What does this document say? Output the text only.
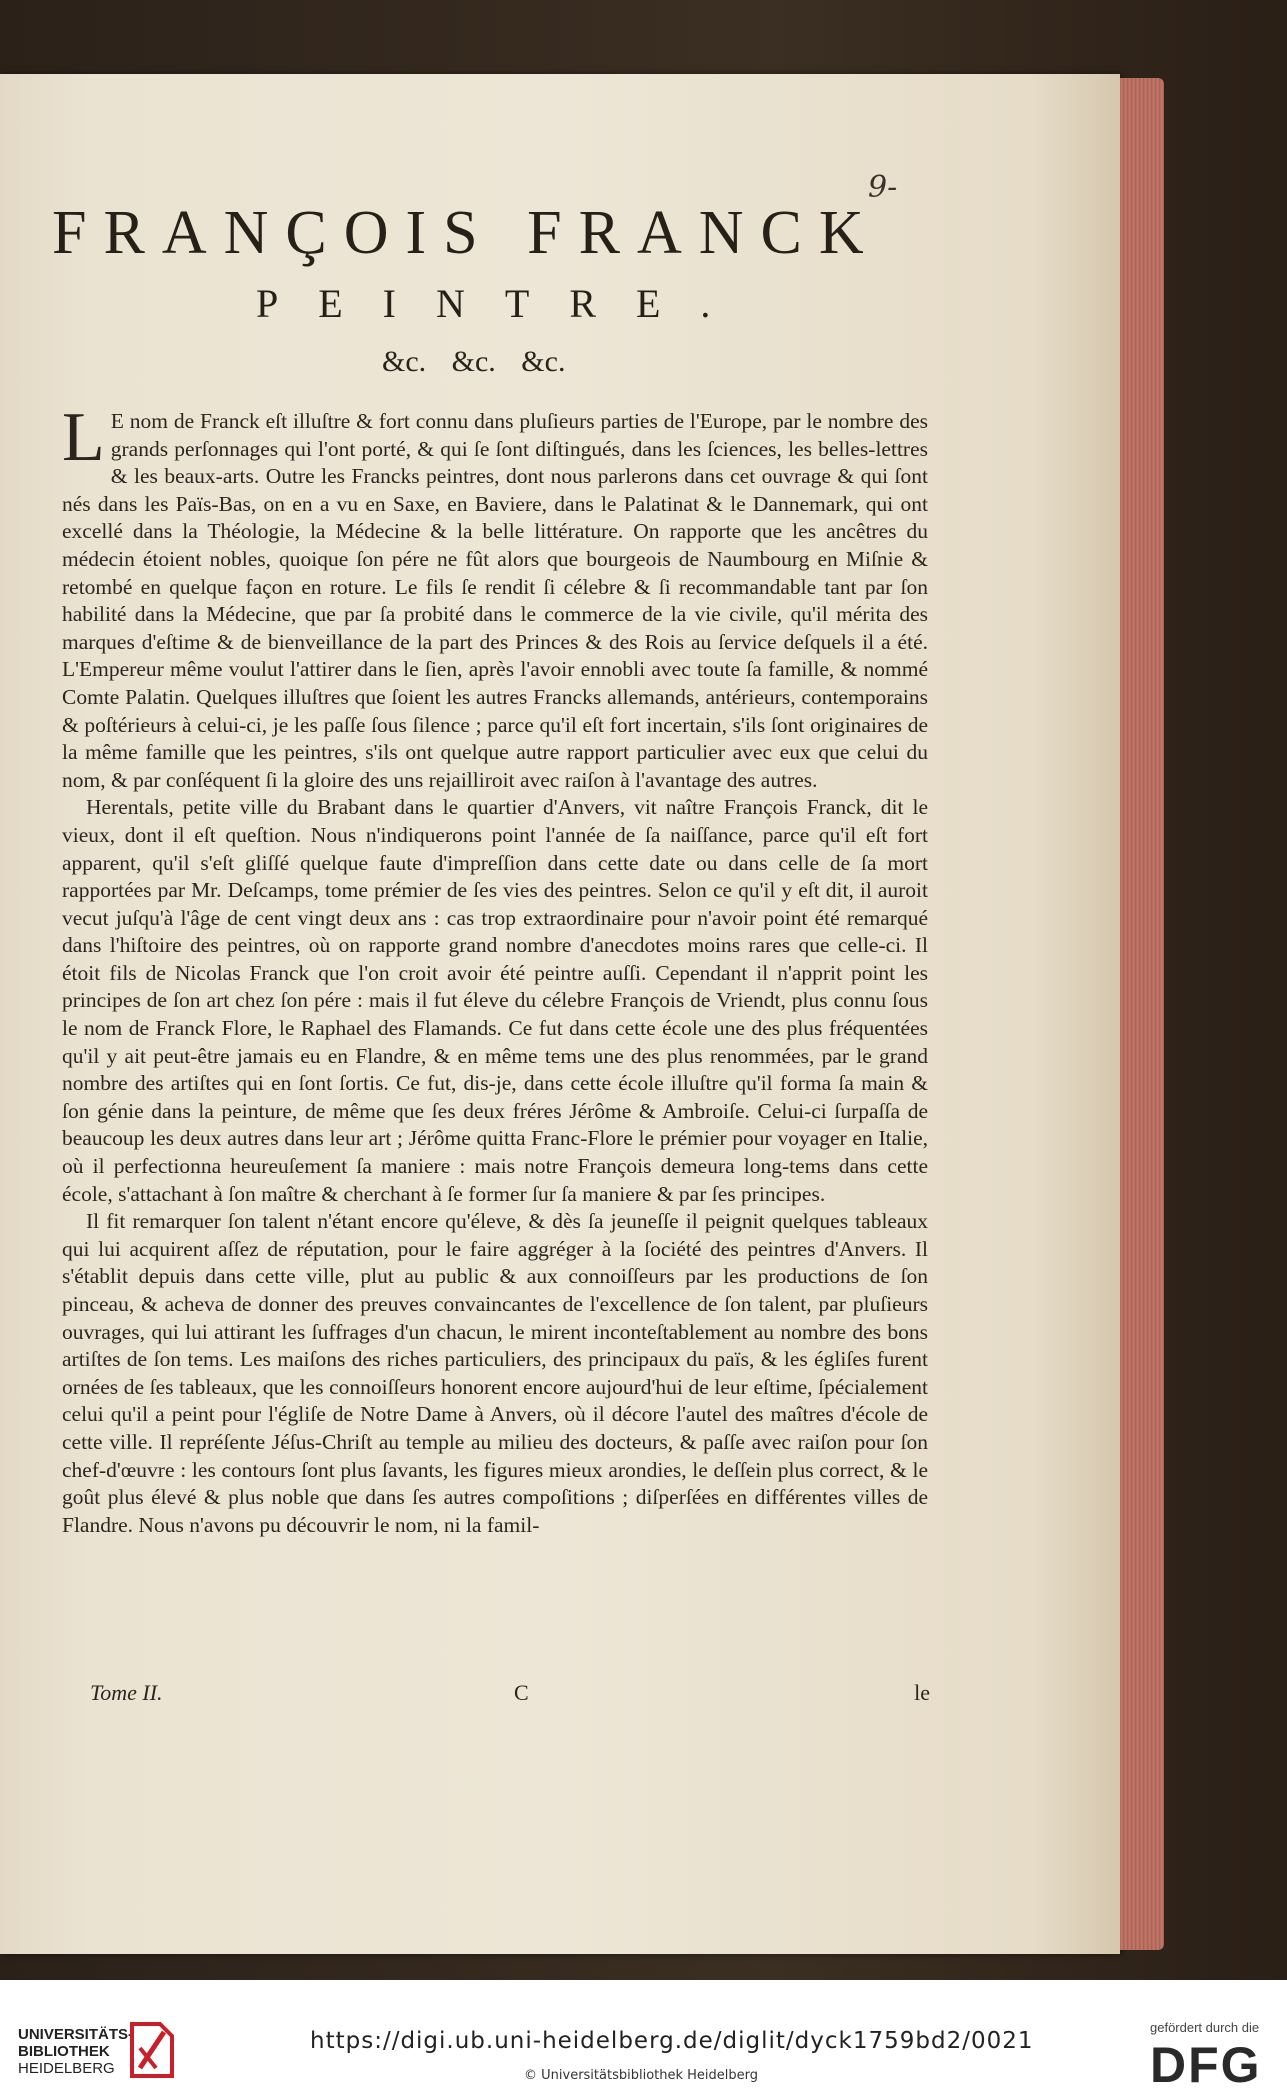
9-
FRANÇOIS FRANCK
PEINTRE.
&c. &c. &c.

L E nom de Franck eſt illuſtre & fort connu dans pluſieurs parties de l'Europe, par le nombre des grands perſonnages qui l'ont porté, & qui ſe ſont diſtingués, dans les ſciences, les belles-lettres & les beaux-arts. Outre les Francks peintres, dont nous parlerons dans cet ouvrage & qui ſont nés dans les Païs-Bas, on en a vu en Saxe, en Baviere, dans le Palatinat & le Dannemark, qui ont excellé dans la Théologie, la Médecine & la belle littérature. On rapporte que les ancêtres du médecin étoient nobles, quoique ſon pére ne fût alors que bourgeois de Naumbourg en Miſnie & retombé en quelque façon en roture. Le fils ſe rendit ſi célebre & ſi recommandable tant par ſon habilité dans la Médecine, que par ſa probité dans le commerce de la vie civile, qu'il mérita des marques d'eſtime & de bienveillance de la part des Princes & des Rois au ſervice deſquels il a été. L'Empereur même voulut l'attirer dans le ſien, après l'avoir ennobli avec toute ſa famille, & nommé Comte Palatin. Quelques illuſtres que ſoient les autres Francks allemands, antérieurs, contemporains & poſtérieurs à celui-ci, je les paſſe ſous ſilence ; parce qu'il eſt fort incertain, s'ils ſont originaires de la même famille que les peintres, s'ils ont quelque autre rapport particulier avec eux que celui du nom, & par conſéquent ſi la gloire des uns rejailliroit avec raiſon à l'avantage des autres.

Herentals, petite ville du Brabant dans le quartier d'Anvers, vit naître François Franck, dit le vieux, dont il eſt queſtion. Nous n'indiquerons point l'année de ſa naiſſance, parce qu'il eſt fort apparent, qu'il s'eſt gliſſé quelque faute d'impreſſion dans cette date ou dans celle de ſa mort rapportées par Mr. Deſcamps, tome prémier de ſes vies des peintres. Selon ce qu'il y eſt dit, il auroit vecut juſqu'à l'âge de cent vingt deux ans : cas trop extraordinaire pour n'avoir point été remarqué dans l'hiſtoire des peintres, où on rapporte grand nombre d'anecdotes moins rares que celle-ci. Il étoit fils de Nicolas Franck que l'on croit avoir été peintre auſſi. Cependant il n'apprit point les principes de ſon art chez ſon pére : mais il fut éleve du célebre François de Vriendt, plus connu ſous le nom de Franck Flore, le Raphael des Flamands. Ce fut dans cette école une des plus fréquentées qu'il y ait peut-être jamais eu en Flandre, & en même tems une des plus renommées, par le grand nombre des artiſtes qui en ſont ſortis. Ce fut, dis-je, dans cette école illuſtre qu'il forma ſa main & ſon génie dans la peinture, de même que ſes deux fréres Jérôme & Ambroiſe. Celui-ci ſurpaſſa de beaucoup les deux autres dans leur art ; Jérôme quitta Franc-Flore le prémier pour voyager en Italie, où il perfectionna heureuſement ſa maniere : mais notre François demeura long-tems dans cette école, s'attachant à ſon maître & cherchant à ſe former ſur ſa maniere & par ſes principes.

Il fit remarquer ſon talent n'étant encore qu'éleve, & dès ſa jeuneſſe il peignit quelques tableaux qui lui acquirent aſſez de réputation, pour le faire aggréger à la ſociété des peintres d'Anvers. Il s'établit depuis dans cette ville, plut au public & aux connoiſſeurs par les productions de ſon pinceau, & acheva de donner des preuves convaincantes de l'excellence de ſon talent, par pluſieurs ouvrages, qui lui attirant les ſuffrages d'un chacun, le mirent inconteſtablement au nombre des bons artiſtes de ſon tems. Les maiſons des riches particuliers, des principaux du païs, & les égliſes furent ornées de ſes tableaux, que les connoiſſeurs honorent encore aujourd'hui de leur eſtime, ſpécialement celui qu'il a peint pour l'égliſe de Notre Dame à Anvers, où il décore l'autel des maîtres d'école de cette ville. Il repréſente Jéſus-Chriſt au temple au milieu des docteurs, & paſſe avec raiſon pour ſon chef-d'œuvre : les contours ſont plus ſavants, les figures mieux arondies, le deſſein plus correct, & le goût plus élevé & plus noble que dans ſes autres compoſitions ; diſperſées en différentes villes de Flandre. Nous n'avons pu découvrir le nom, ni la famil-

Tome II.	C	le
UNIVERSITÄTS-
BIBLIOTHEK
HEIDELBERG
https://digi.ub.uni-heidelberg.de/diglit/dyck1759bd2/0021
© Universitätsbibliothek Heidelberg
gefördert durch die
DFG
